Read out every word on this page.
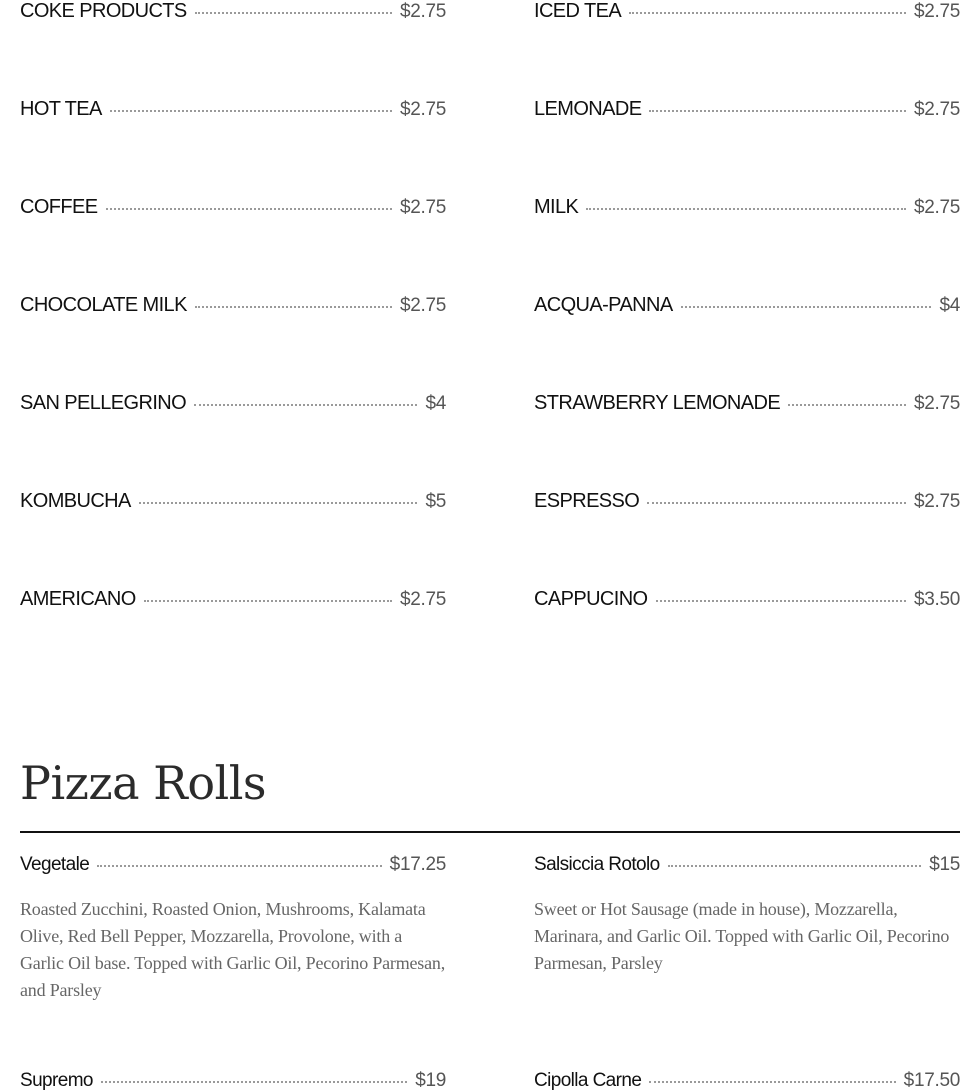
COKE PRODUCTS	$2.75
HOT TEA	$2.75
COFFEE	$2.75
CHOCOLATE MILK	$2.75
SAN PELLEGRINO	$4
KOMBUCHA	$5
AMERICANO	$2.75
ICED TEA	$2.75
LEMONADE	$2.75
MILK	$2.75
ACQUA-PANNA	$4
STRAWBERRY LEMONADE	$2.75
ESPRESSO	$2.75
CAPPUCINO	$3.50
Pizza Rolls
Vegetale	$17.25

Roasted Zucchini, Roasted Onion, Mushrooms, Kalamata Olive, Red Bell Pepper, Mozzarella, Provolone, with a Garlic Oil base. Topped with Garlic Oil, Pecorino Parmesan, and Parsley

Salsiccia Rotolo	$15

Sweet or Hot Sausage (made in house), Mozzarella, Marinara, and Garlic Oil. Topped with Garlic Oil, Pecorino Parmesan, Parsley

Supremo	$19	Cipolla Carne	$17.50
